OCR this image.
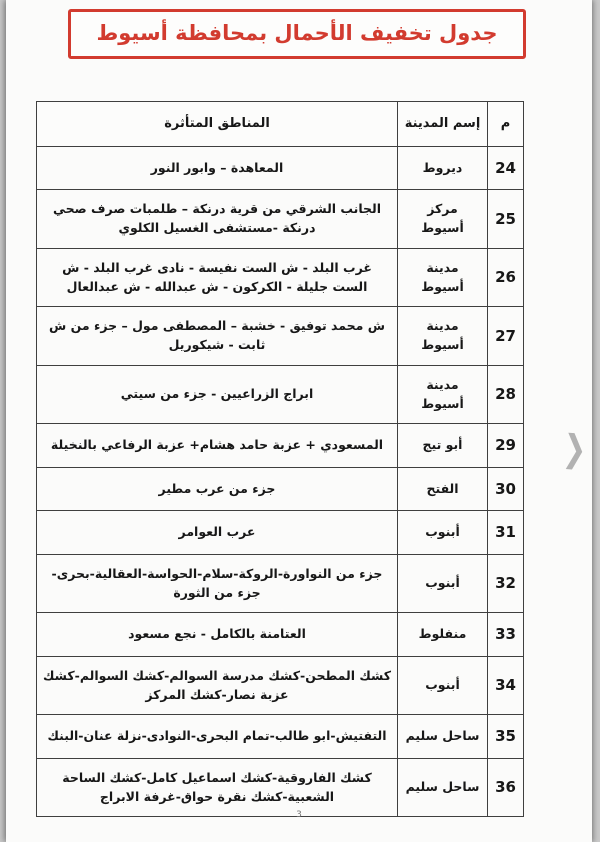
جدول تخفيف الأحمال بمحافظة أسيوط
م	إسم المدينة	المناطق المتأثرة
24	ديروط	المعاهدة – وابور النور
25	مركز أسيوط	الجانب الشرقي من قرية درنكة – طلمبات صرف صحي درنكة -مستشفى الغسيل الكلوي
26	مدينة أسيوط	غرب البلد - ش الست نفيسة - نادى غرب البلد - ش الست جليلة - الكركون - ش عبدالله - ش عبدالعال
27	مدينة أسيوط	ش محمد توفيق - خشبة – المصطفى مول – جزء من ش ثابت - شيكوريل
28	مدينة أسيوط	ابراج الزراعيين - جزء من سيتي
29	أبو تيج	المسعودي + عزبة حامد هشام+ عزبة الرفاعي بالنخيلة
30	الفتح	جزء من عرب مطير
31	أبنوب	عرب العوامر
32	أبنوب	جزء من النواورة-الروكة-سلام-الحواسة-العقالية-بحرى-جزء من الثورة
33	منفلوط	العتامنة بالكامل - نجع مسعود
34	أبنوب	كشك المطحن-كشك مدرسة السوالم-كشك السوالم-كشك عزبة نصار-كشك المركز
35	ساحل سليم	التفتيش-ابو طالب-تمام البحرى-النوادى-نزلة عنان-البنك
36	ساحل سليم	كشك الفاروقية-كشك اسماعيل كامل-كشك الساحة الشعبية-كشك نقرة حواق-غرفة الابراج
3
❯
